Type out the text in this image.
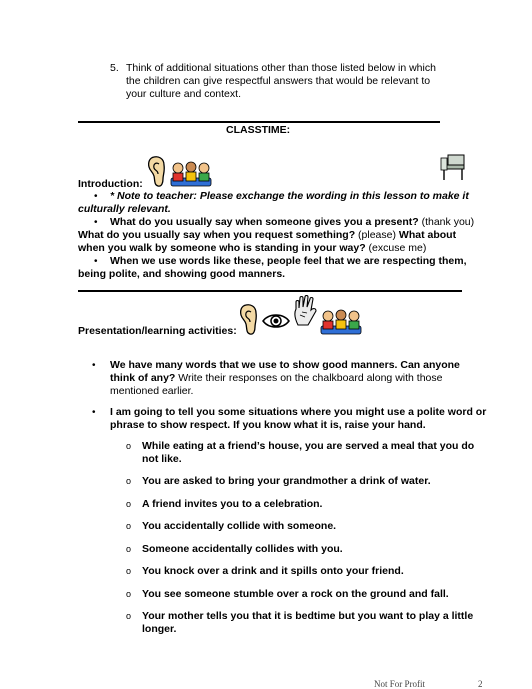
5. Think of additional situations other than those listed below in which
the children can give respectful answers that would be relevant to
your culture and context.
CLASSTIME:
Introduction:
• * Note to teacher: Please exchange the wording in this lesson to make it
culturally relevant.
• What do you usually say when someone gives you a present? (thank you)
What do you usually say when you request something? (please) What about
when you walk by someone who is standing in your way? (excuse me)
• When we use words like these, people feel that we are respecting them,
being polite, and showing good manners.
Presentation/learning activities:
• We have many words that we use to show good manners. Can anyone
think of any? Write their responses on the chalkboard along with those
mentioned earlier.
• I am going to tell you some situations where you might use a polite word or
phrase to show respect. If you know what it is, raise your hand.
o While eating at a friend’s house, you are served a meal that you do
not like.
o You are asked to bring your grandmother a drink of water.
o A friend invites you to a celebration.
o You accidentally collide with someone.
o Someone accidentally collides with you.
o You knock over a drink and it spills onto your friend.
o You see someone stumble over a rock on the ground and fall.
o Your mother tells you that it is bedtime but you want to play a little
longer.
Not For Profit	2
